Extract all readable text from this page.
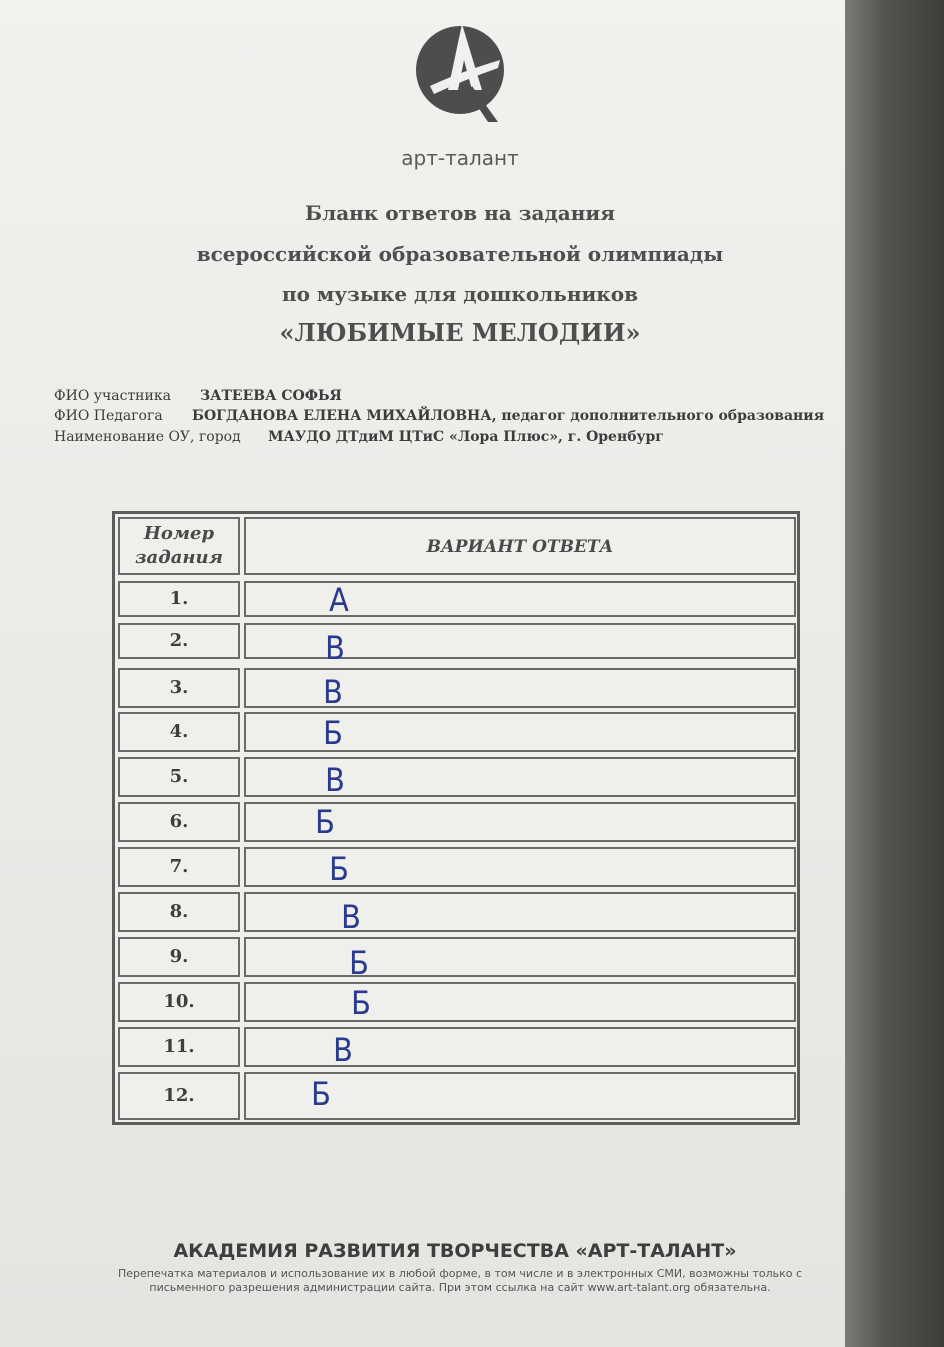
арт-талант
Бланк ответов на задания
всероссийской образовательной олимпиады
по музыке для дошкольников
«ЛЮБИМЫЕ МЕЛОДИИ»
ФИО участника ЗАТЕЕВА СОФЬЯ
ФИО Педагога БОГДАНОВА ЕЛЕНА МИХАЙЛОВНА, педагог дополнительного образования
Наименование ОУ, город МАУДО ДТдиМ ЦТиС «Лора Плюс», г. Оренбург
Номер
задания	ВАРИАНТ ОТВЕТА
1.	А
2.	В
3.	В
4.	Б
5.	В
6.	Б
7.	Б
8.	В
9.	Б
10.	Б
11.	В
12.	Б
АКАДЕМИЯ РАЗВИТИЯ ТВОРЧЕСТВА «АРТ-ТАЛАНТ»
Перепечатка материалов и использование их в любой форме, в том числе и в электронных СМИ, возможны только с письменного разрешения администрации сайта. При этом ссылка на сайт www.art-talant.org обязательна.
